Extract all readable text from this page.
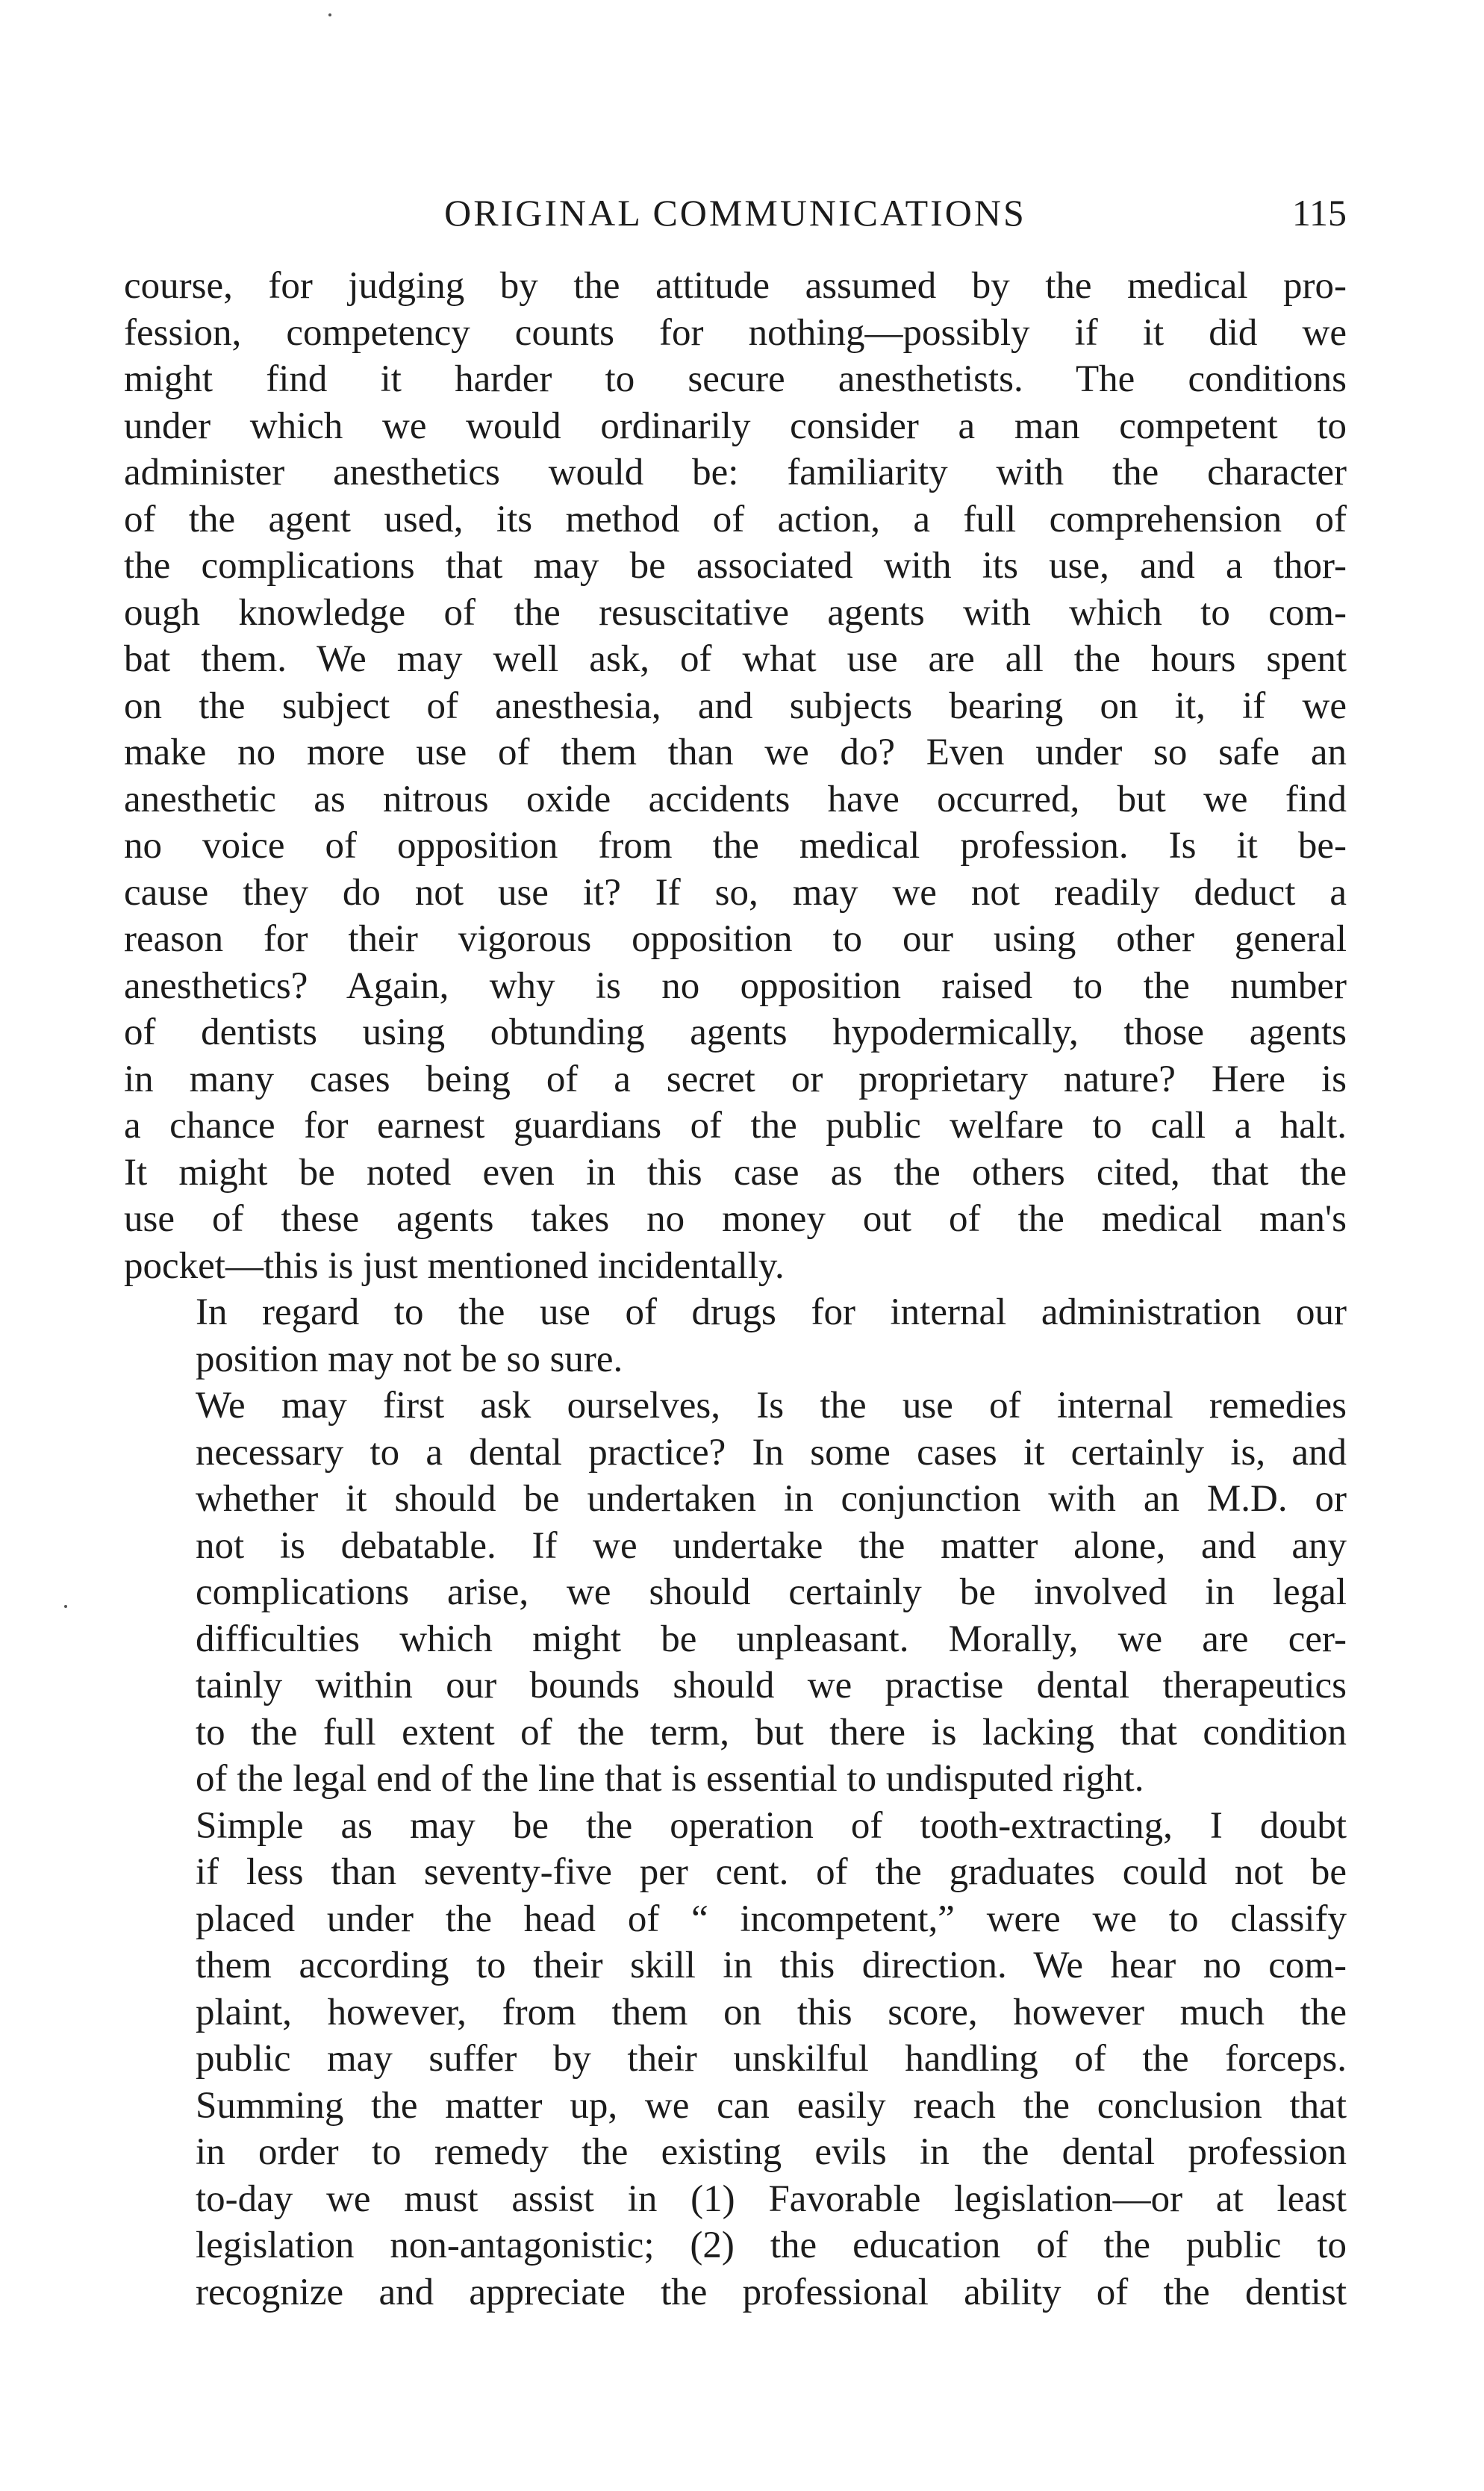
ORIGINAL COMMUNICATIONS	115

course, for judging by the attitude assumed by the medical pro-
fession, competency counts for nothing—possibly if it did we
might find it harder to secure anesthetists. The conditions
under which we would ordinarily consider a man competent to
administer anesthetics would be: familiarity with the character
of the agent used, its method of action, a full comprehension of
the complications that may be associated with its use, and a thor-
ough knowledge of the resuscitative agents with which to com-
bat them. We may well ask, of what use are all the hours spent
on the subject of anesthesia, and subjects bearing on it, if we
make no more use of them than we do? Even under so safe an
anesthetic as nitrous oxide accidents have occurred, but we find
no voice of opposition from the medical profession. Is it be-
cause they do not use it? If so, may we not readily deduct a
reason for their vigorous opposition to our using other general
anesthetics? Again, why is no opposition raised to the number
of dentists using obtunding agents hypodermically, those agents
in many cases being of a secret or proprietary nature? Here is
a chance for earnest guardians of the public welfare to call a halt.
It might be noted even in this case as the others cited, that the
use of these agents takes no money out of the medical man's
pocket—this is just mentioned incidentally.

In regard to the use of drugs for internal administration our
position may not be so sure.

We may first ask ourselves, Is the use of internal remedies
necessary to a dental practice? In some cases it certainly is, and
whether it should be undertaken in conjunction with an M.D. or
not is debatable. If we undertake the matter alone, and any
complications arise, we should certainly be involved in legal
difficulties which might be unpleasant. Morally, we are cer-
tainly within our bounds should we practise dental therapeutics
to the full extent of the term, but there is lacking that condition
of the legal end of the line that is essential to undisputed right.

Simple as may be the operation of tooth-extracting, I doubt
if less than seventy-five per cent. of the graduates could not be
placed under the head of “ incompetent,” were we to classify
them according to their skill in this direction. We hear no com-
plaint, however, from them on this score, however much the
public may suffer by their unskilful handling of the forceps.
Summing the matter up, we can easily reach the conclusion that
in order to remedy the existing evils in the dental profession
to-day we must assist in (1) Favorable legislation—or at least
legislation non-antagonistic; (2) the education of the public to
recognize and appreciate the professional ability of the dentist
